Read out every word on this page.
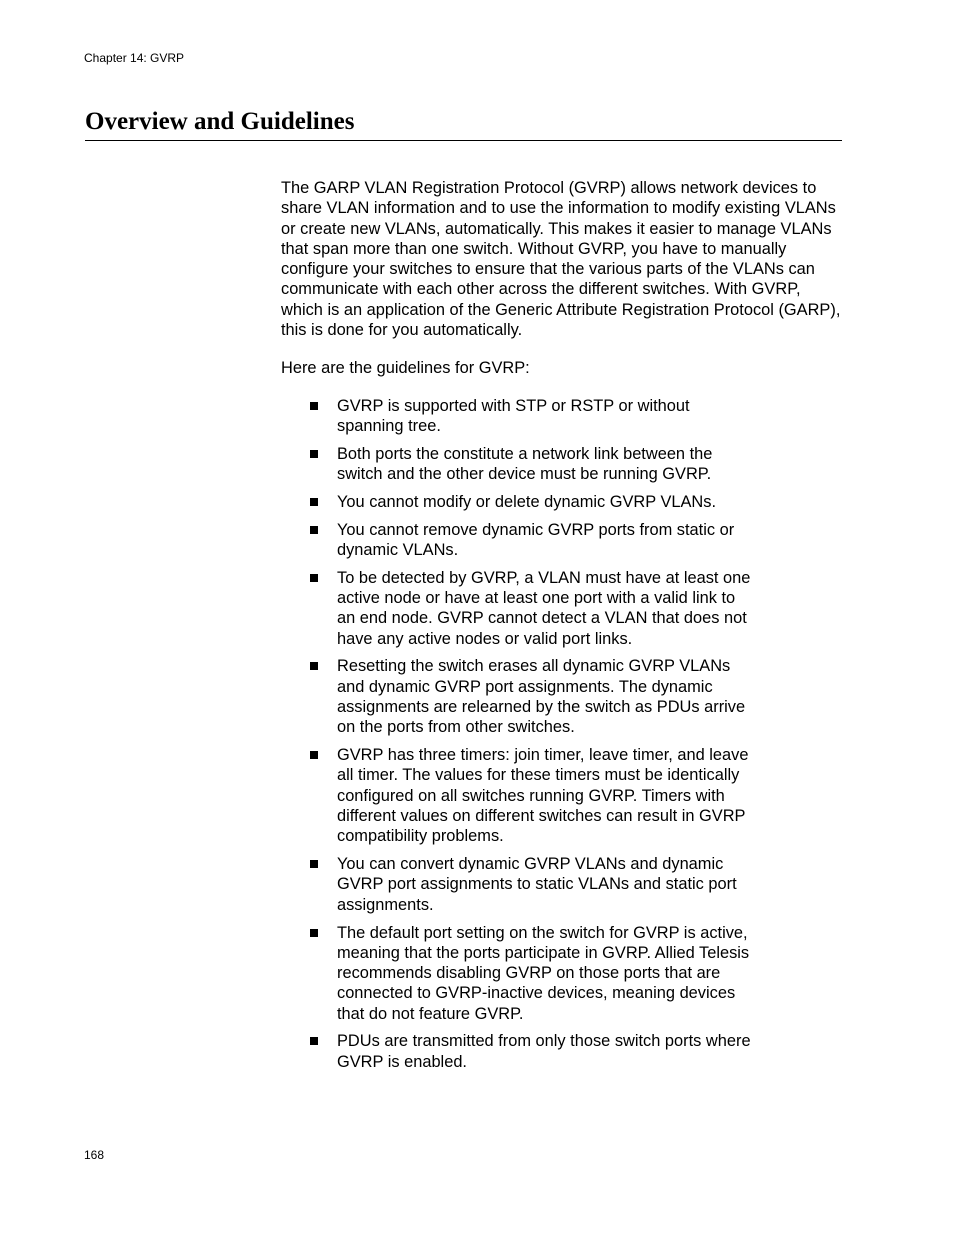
Chapter 14: GVRP
Overview and Guidelines

The GARP VLAN Registration Protocol (GVRP) allows network devices to share VLAN information and to use the information to modify existing VLANs or create new VLANs, automatically. This makes it easier to manage VLANs that span more than one switch. Without GVRP, you have to manually configure your switches to ensure that the various parts of the VLANs can communicate with each other across the different switches. With GVRP, which is an application of the Generic Attribute Registration Protocol (GARP), this is done for you automatically.

Here are the guidelines for GVRP:

GVRP is supported with STP or RSTP or without spanning tree.
Both ports the constitute a network link between the switch and the other device must be running GVRP.
You cannot modify or delete dynamic GVRP VLANs.
You cannot remove dynamic GVRP ports from static or dynamic VLANs.
To be detected by GVRP, a VLAN must have at least one active node or have at least one port with a valid link to an end node. GVRP cannot detect a VLAN that does not have any active nodes or valid port links.
Resetting the switch erases all dynamic GVRP VLANs and dynamic GVRP port assignments. The dynamic assignments are relearned by the switch as PDUs arrive on the ports from other switches.
GVRP has three timers: join timer, leave timer, and leave all timer. The values for these timers must be identically configured on all switches running GVRP. Timers with different values on different switches can result in GVRP compatibility problems.
You can convert dynamic GVRP VLANs and dynamic GVRP port assignments to static VLANs and static port assignments.
The default port setting on the switch for GVRP is active, meaning that the ports participate in GVRP. Allied Telesis recommends disabling GVRP on those ports that are connected to GVRP-inactive devices, meaning devices that do not feature GVRP.
PDUs are transmitted from only those switch ports where GVRP is enabled.
168
